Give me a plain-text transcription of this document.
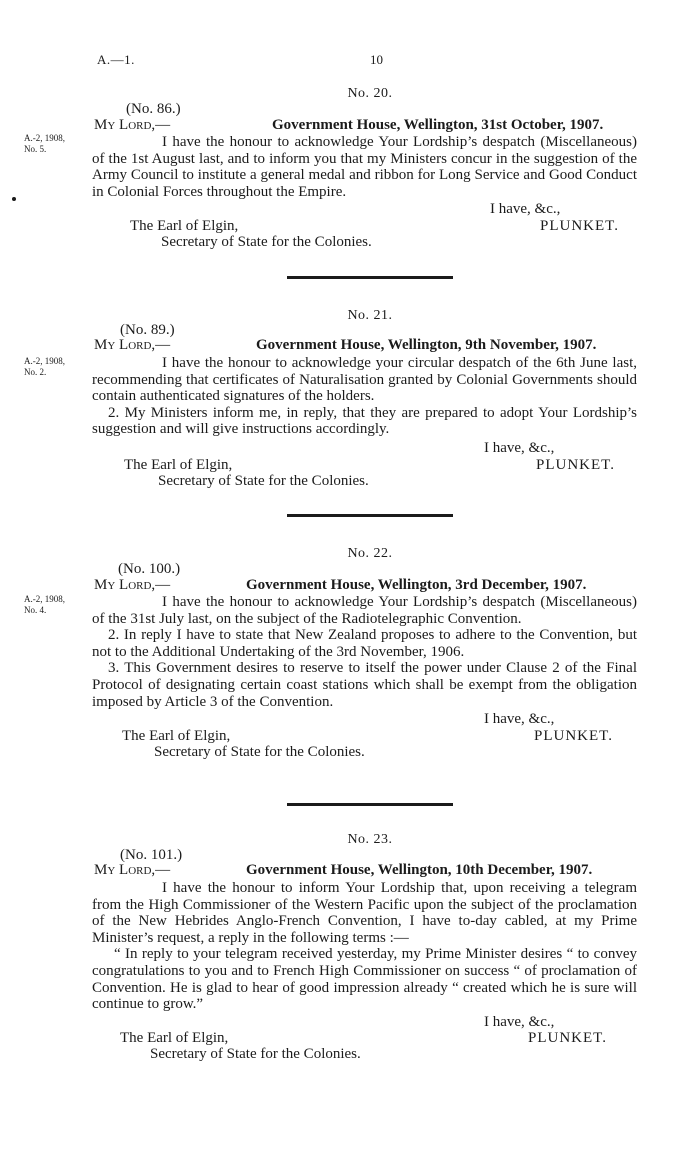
A.—1.	10
No. 20.
(No. 86.)
A.-2, 1908,
No. 5.
My Lord,—	Government House, Wellington, 31st October, 1907.

I have the honour to acknowledge Your Lordship’s despatch (Miscellaneous) of the 1st August last, and to inform you that my Ministers concur in the suggestion of the Army Council to institute a general medal and ribbon for Long Service and Good Conduct in Colonial Forces throughout the Empire.

I have, &c.,
PLUNKET.
The Earl of Elgin,
Secretary of State for the Colonies.
No. 21.
(No. 89.)
A.-2, 1908,
No. 2.
My Lord,—	Government House, Wellington, 9th November, 1907.

I have the honour to acknowledge your circular despatch of the 6th June last, recommending that certificates of Naturalisation granted by Colonial Governments should contain authenticated signatures of the holders.

2. My Ministers inform me, in reply, that they are prepared to adopt Your Lordship’s suggestion and will give instructions accordingly.

I have, &c.,
PLUNKET.
The Earl of Elgin,
Secretary of State for the Colonies.
No. 22.
(No. 100.)
A.-2, 1908,
No. 4.
My Lord,—	Government House, Wellington, 3rd December, 1907.

I have the honour to acknowledge Your Lordship’s despatch (Miscellaneous) of the 31st July last, on the subject of the Radiotelegraphic Convention.

2. In reply I have to state that New Zealand proposes to adhere to the Convention, but not to the Additional Undertaking of the 3rd November, 1906.

3. This Government desires to reserve to itself the power under Clause 2 of the Final Protocol of designating certain coast stations which shall be exempt from the obligation imposed by Article 3 of the Convention.

I have, &c.,
PLUNKET.
The Earl of Elgin,
Secretary of State for the Colonies.
No. 23.
(No. 101.)
My Lord,—	Government House, Wellington, 10th December, 1907.

I have the honour to inform Your Lordship that, upon receiving a telegram from the High Commissioner of the Western Pacific upon the subject of the proclamation of the New Hebrides Anglo-French Convention, I have to-day cabled, at my Prime Minister’s request, a reply in the following terms :—

“ In reply to your telegram received yesterday, my Prime Minister desires “ to convey congratulations to you and to French High Commissioner on success “ of proclamation of Convention. He is glad to hear of good impression already “ created which he is sure will continue to grow.”

I have, &c.,
PLUNKET.
The Earl of Elgin,
Secretary of State for the Colonies.
